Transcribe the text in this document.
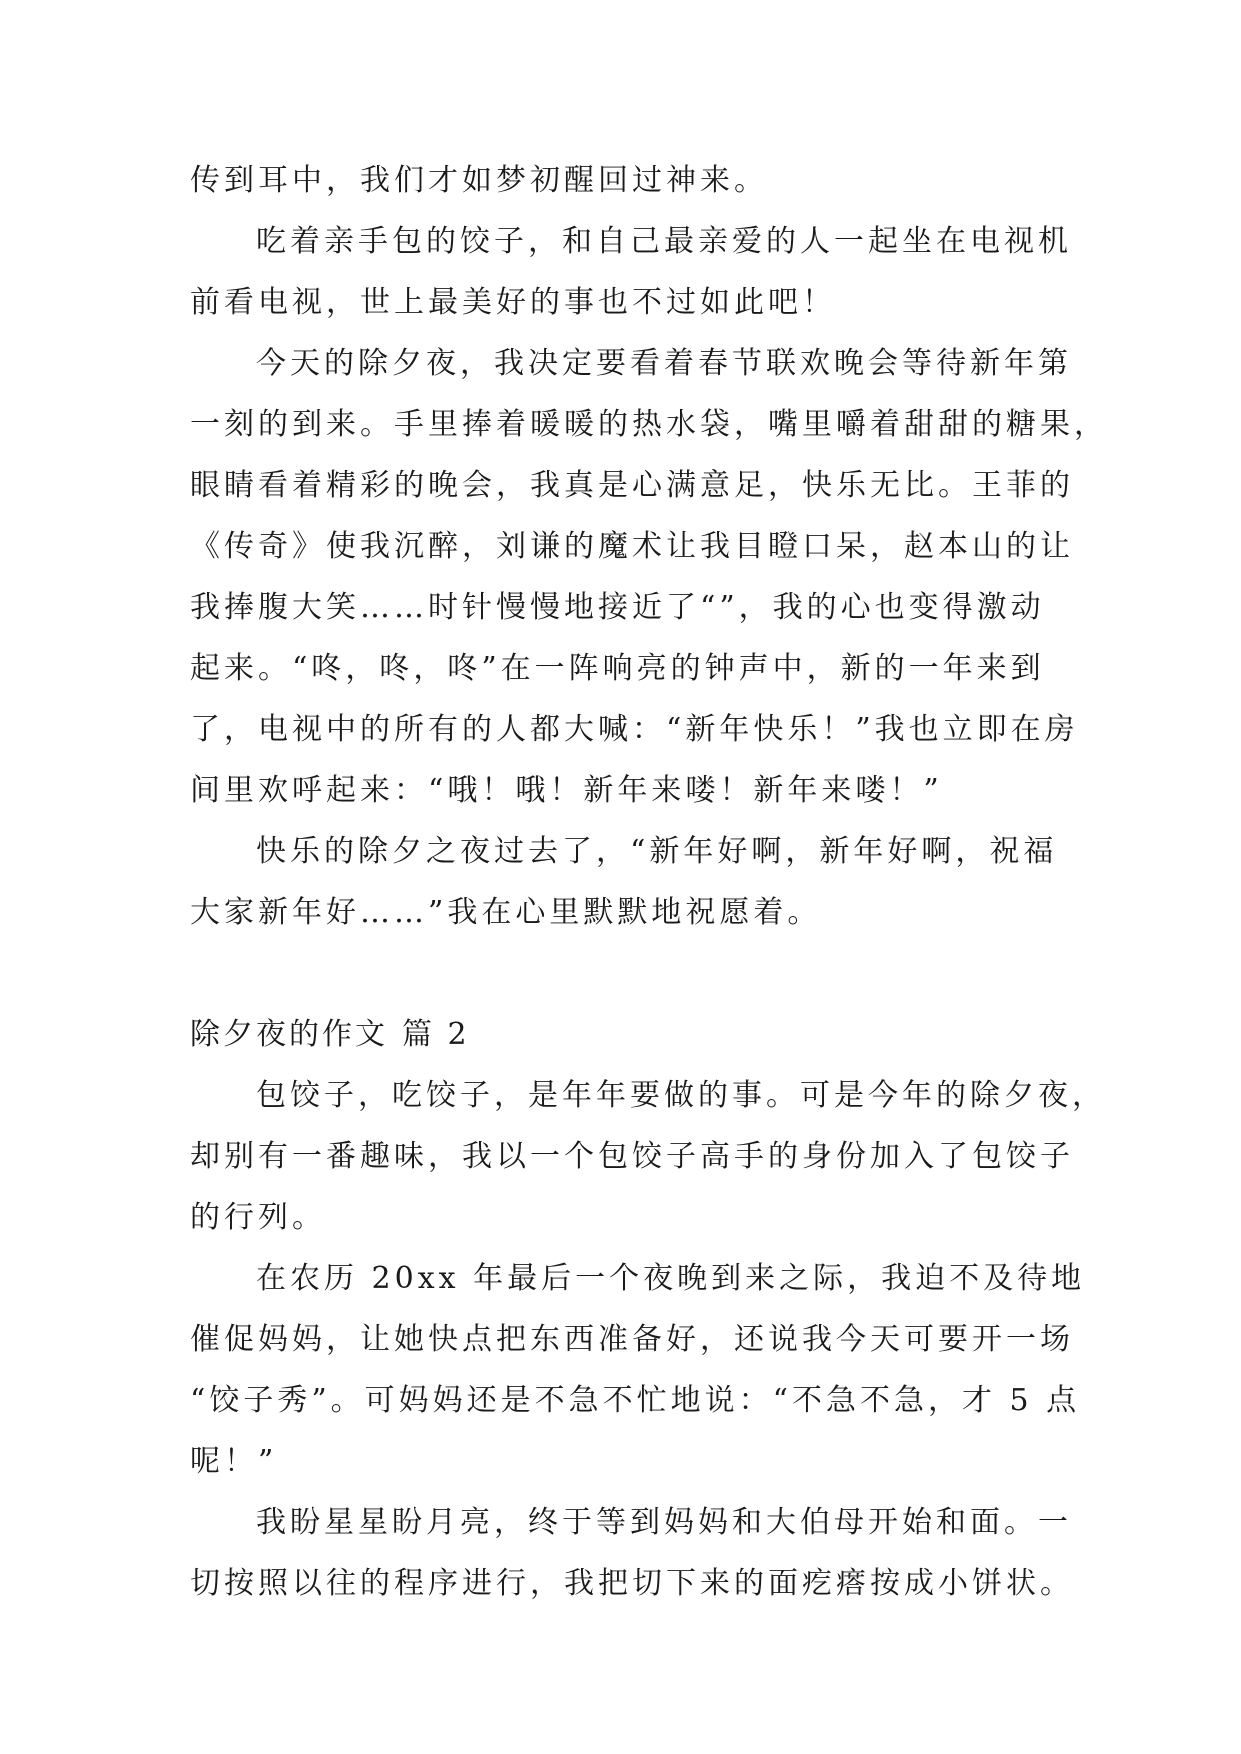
传到耳中，我们才如梦初醒回过神来。
吃着亲手包的饺子，和自己最亲爱的人一起坐在电视机
前看电视，世上最美好的事也不过如此吧！
今天的除夕夜，我决定要看着春节联欢晚会等待新年第
一刻的到来。手里捧着暖暖的热水袋，嘴里嚼着甜甜的糖果，
眼睛看着精彩的晚会，我真是心满意足，快乐无比。王菲的
《传奇》使我沉醉，刘谦的魔术让我目瞪口呆，赵本山的让
我捧腹大笑……时针慢慢地接近了“”，我的心也变得激动
起来。“咚，咚，咚”在一阵响亮的钟声中，新的一年来到
了，电视中的所有的人都大喊：“新年快乐！”我也立即在房
间里欢呼起来：“哦！哦！新年来喽！新年来喽！”
快乐的除夕之夜过去了，“新年好啊，新年好啊，祝福
大家新年好……”我在心里默默地祝愿着。
除夕夜的作文 篇 2
包饺子，吃饺子，是年年要做的事。可是今年的除夕夜，
却别有一番趣味，我以一个包饺子高手的身份加入了包饺子
的行列。
在农历 20xx 年最后一个夜晚到来之际，我迫不及待地
催促妈妈，让她快点把东西准备好，还说我今天可要开一场
“饺子秀”。可妈妈还是不急不忙地说：“不急不急，才 5 点
呢！”
我盼星星盼月亮，终于等到妈妈和大伯母开始和面。一
切按照以往的程序进行，我把切下来的面疙瘩按成小饼状。
